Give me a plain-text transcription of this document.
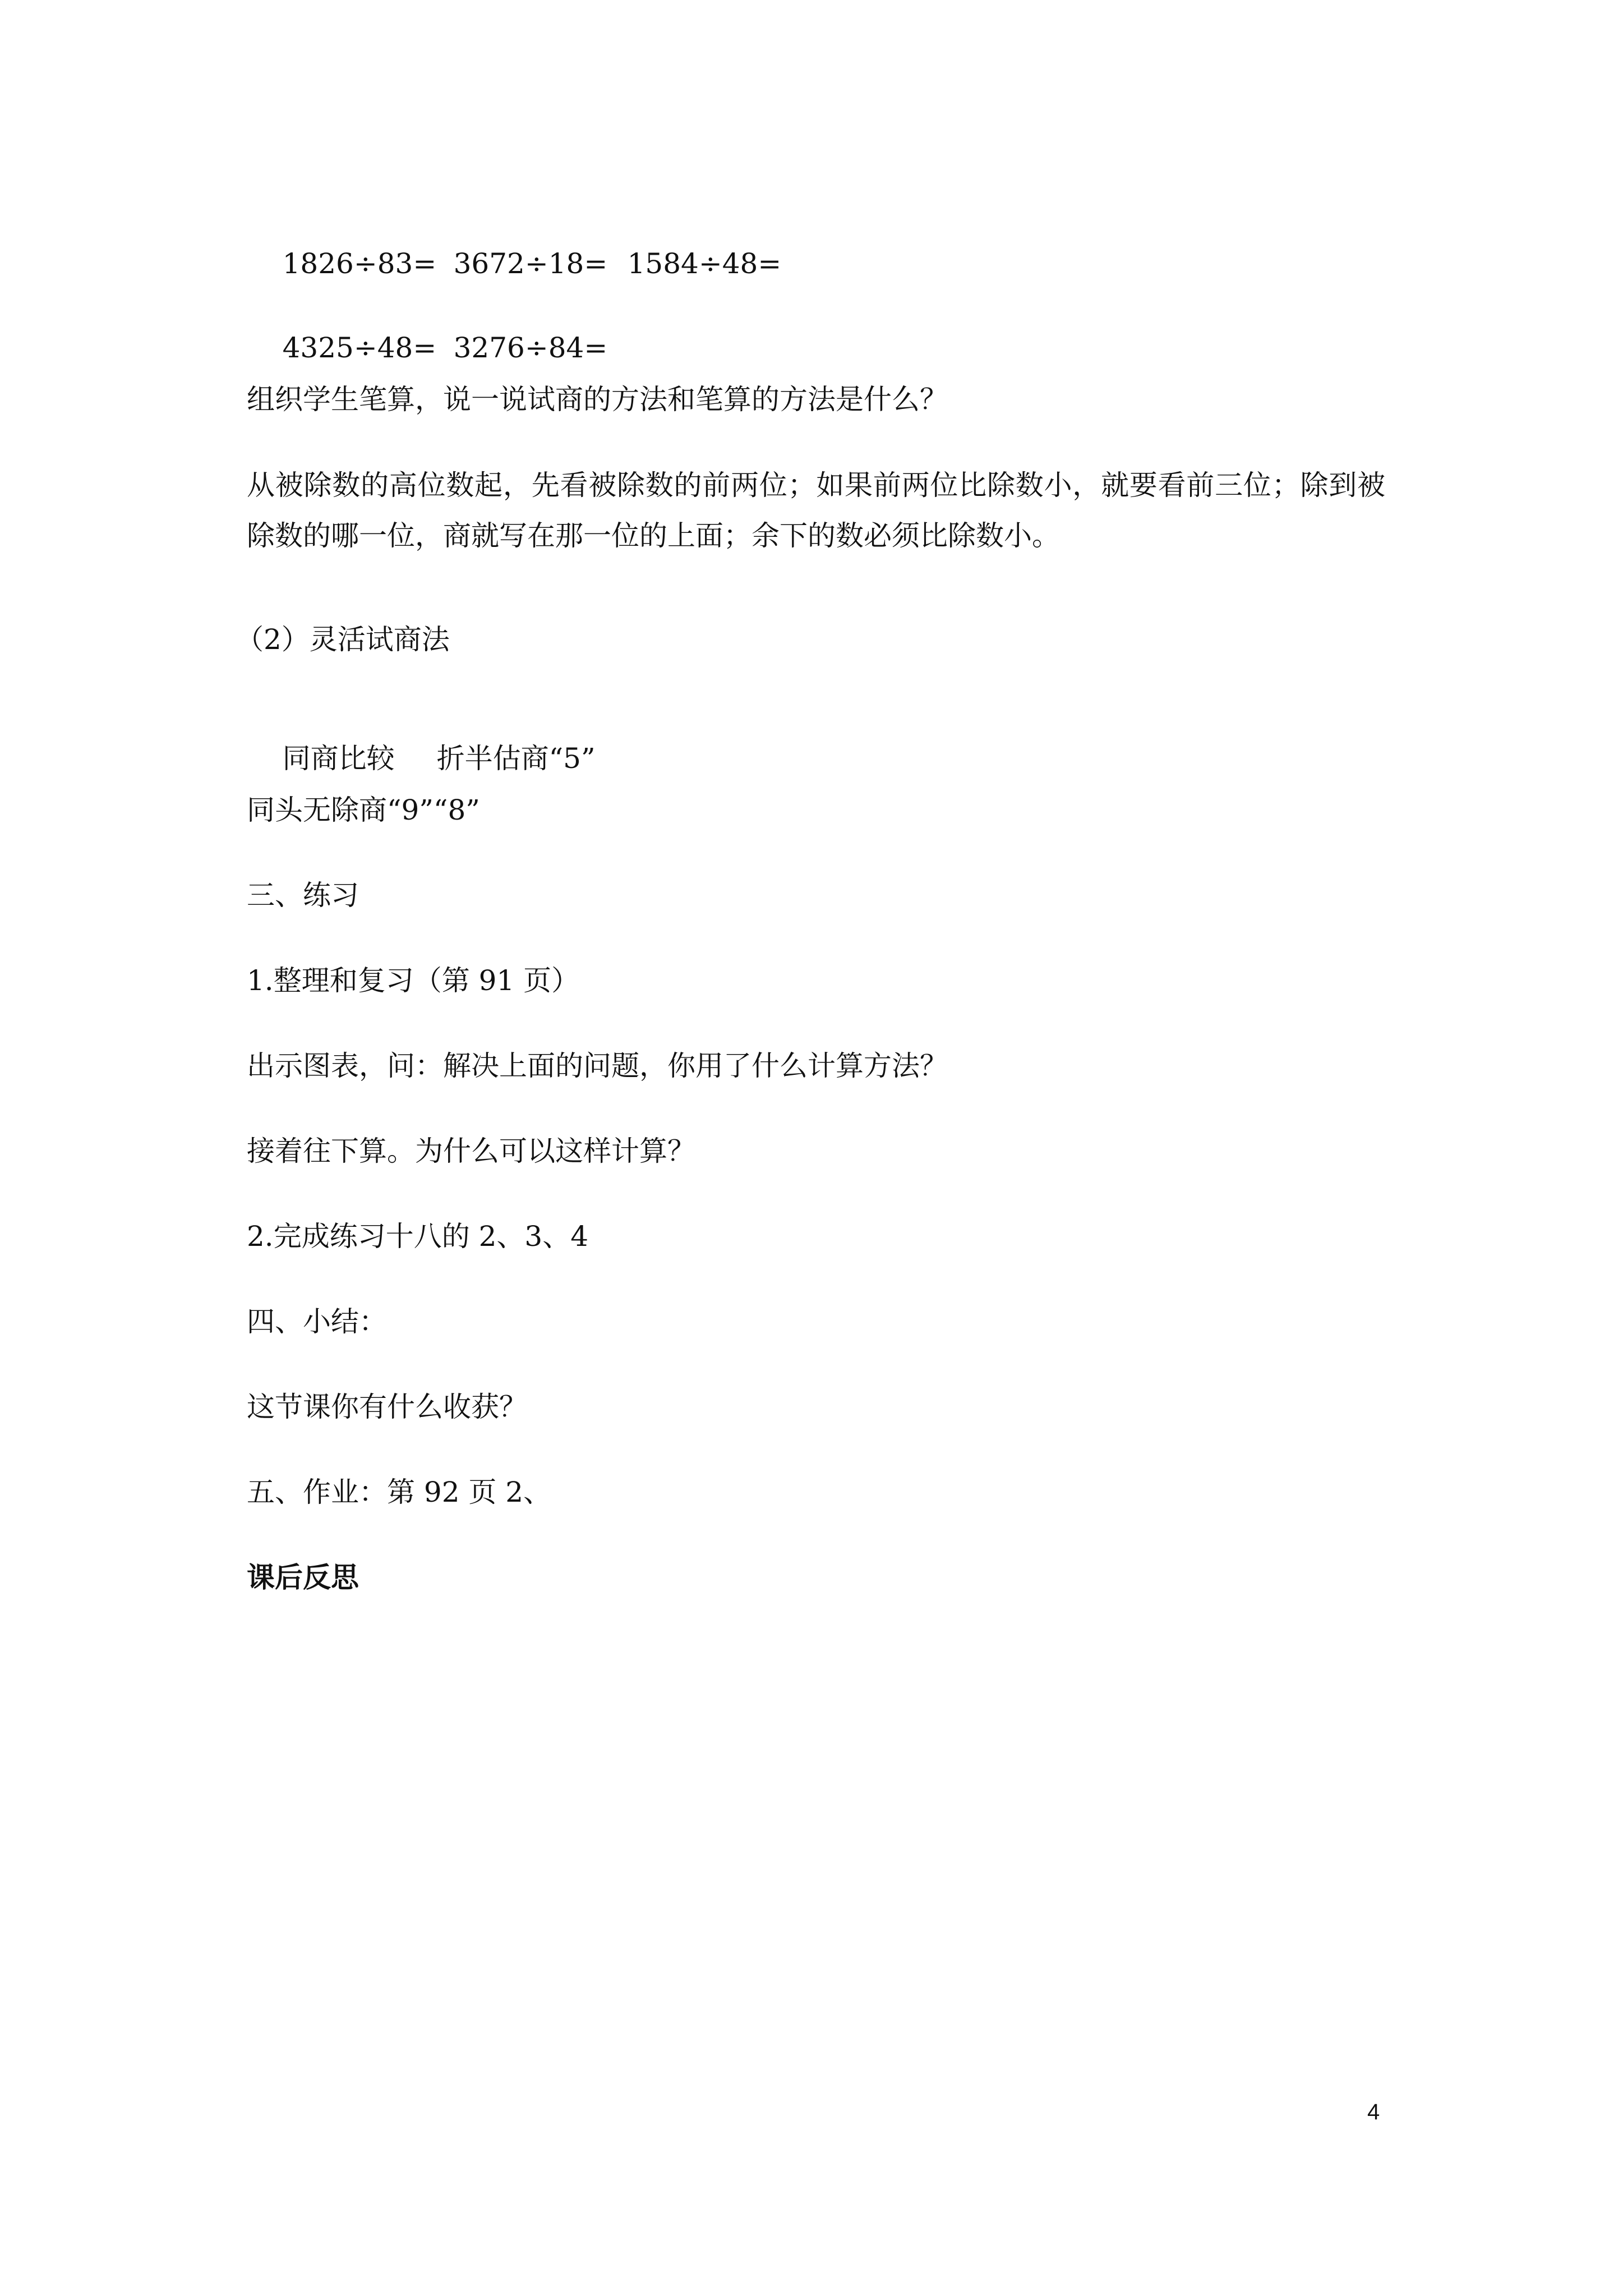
1826÷83= 3672÷18= 1584÷48=

4325÷48= 3276÷84=

组织学生笔算，说一说试商的方法和笔算的方法是什么？
从被除数的高位数起，先看被除数的前两位；如果前两位比除数小，就要看前三位；除到被除数的哪一位，商就写在那一位的上面；余下的数必须比除数小。
（2）灵活试商法

同商比较 折半估商“5”

同头无除商“9”“8”
三、练习
1.整理和复习（第 91 页）
出示图表，问：解决上面的问题，你用了什么计算方法？
接着往下算。为什么可以这样计算？
2.完成练习十八的 2、3、4
四、小结：
这节课你有什么收获？
五、作业：第 92 页 2、
课后反思
4
